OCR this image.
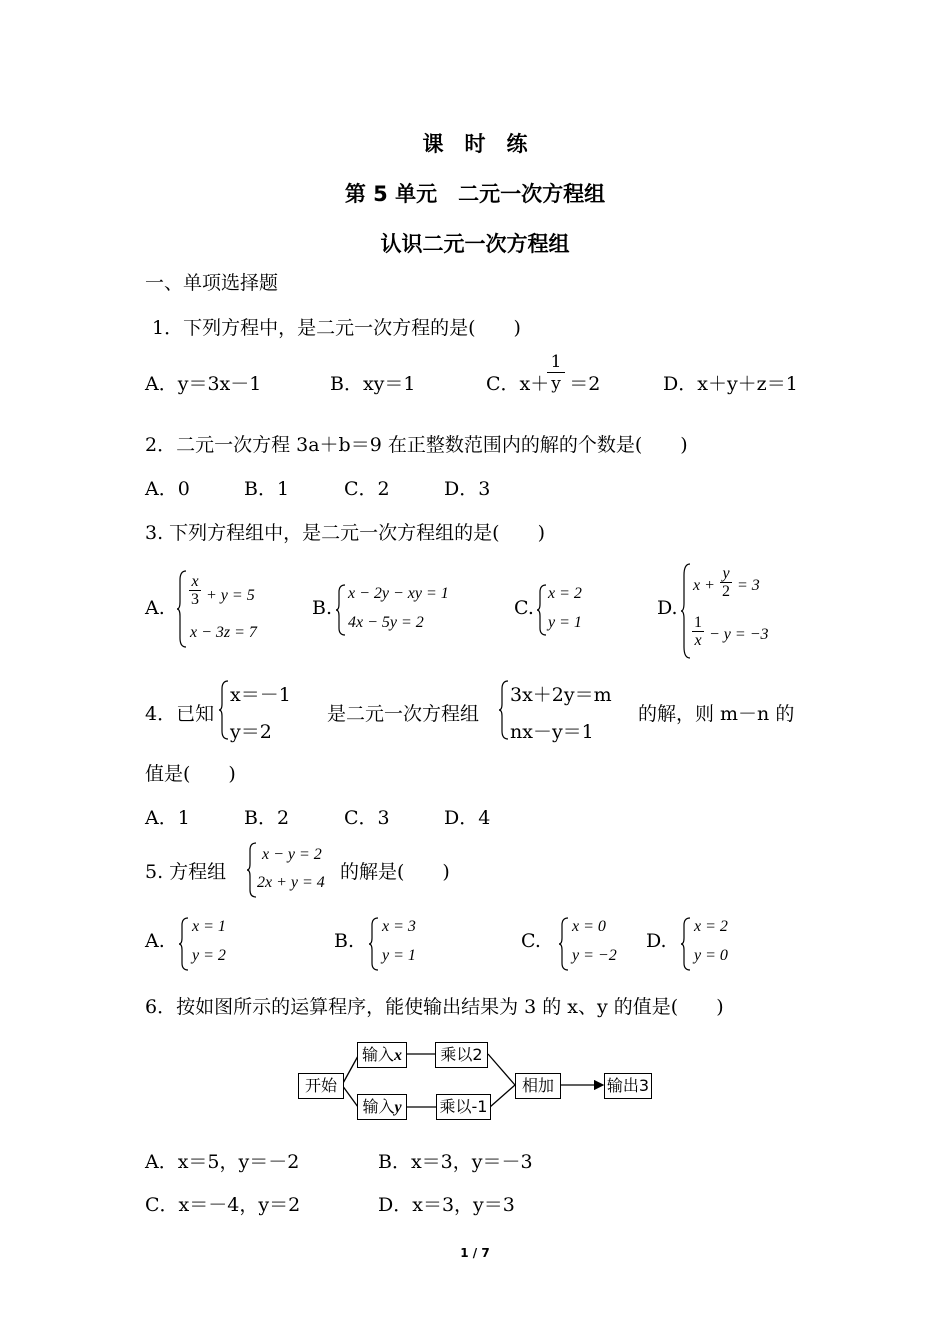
课　时　练
第 5 单元　二元一次方程组
认识二元一次方程组
一、单项选择题
1．下列方程中，是二元一次方程的是(　　)
A．y＝3x－1	B．xy＝1	C．x＋ ＝2
1
y	D．x＋y＋z＝1
2．二元一次方程 3a＋b＝9 在正整数范围内的解的个数是(　　)
A．0	B．1	C．2	D．3
3. 下列方程组中，是二元一次方程组的是(　　)
A.
x
3 + y = 5
x − 3z = 7
B.
x − 2y − xy = 1
4x − 5y = 2
C.
x = 2
y = 1
D.
x +
y
2 = 3
1
x − y = −3
4．已知
x＝－1
y＝2
是二元一次方程组
3x＋2y＝m
nx－y＝1
的解，则 m－n 的
值是(　　)
A．1	B．2	C．3	D．4
5. 方程组
x − y = 2
2x + y = 4 的解是(　　)
A.
x = 1
y = 2
B.
x = 3
y = 1
C.
x = 0
y = −2
D.
x = 2
y = 0
6．按如图所示的运算程序，能使输出结果为 3 的 x、y 的值是(　　)
开始
输入x
输入y
乘以2
乘以-1
相加	输出3
A．x＝5，y＝－2	B．x＝3，y＝－3
C．x＝－4，y＝2	D．x＝3，y＝3
1 / 7
